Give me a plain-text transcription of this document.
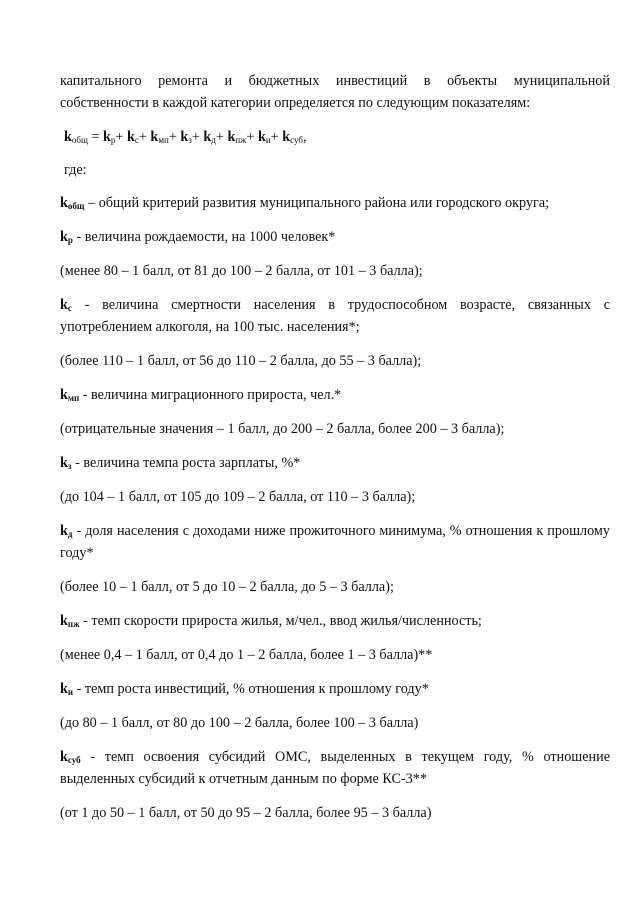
капитального ремонта и бюджетных инвестиций в объекты муниципальной собственности в каждой категории определяется по следующим показателям:

$k_{общ} = k_р+ k_с+ k_{мп}+ k_з+ k_д+ k_{пж}+ k_и+ k_{суб}$,

где:

$k_{общ}$ – общий критерий развития муниципального района или городского округа;

$k_р$ - величина рождаемости, на 1000 человек*

(менее 80 – 1 балл, от 81 до 100 – 2 балла, от 101 – 3 балла);

$k_с$ - величина смертности населения в трудоспособном возрасте, связанных с употреблением алкоголя, на 100 тыс. населения*;

(более 110 – 1 балл, от 56 до 110 – 2 балла, до 55 – 3 балла);

$k_{мп}$ - величина миграционного прироста, чел.*

(отрицательные значения – 1 балл, до 200 – 2 балла, более 200 – 3 балла);

$k_з$ - величина темпа роста зарплаты, %*

(до 104 – 1 балл, от 105 до 109 – 2 балла, от 110 – 3 балла);

$k_д$ - доля населения с доходами ниже прожиточного минимума, % отношения к прошлому году*

(более 10 – 1 балл, от 5 до 10 – 2 балла, до 5 – 3 балла);

$k_{пж}$ - темп скорости прироста жилья, м/чел., ввод жилья/численность;

(менее 0,4 – 1 балл, от 0,4 до 1 – 2 балла, более 1 – 3 балла)**

$k_и$ - темп роста инвестиций, % отношения к прошлому году*

(до 80 – 1 балл, от 80 до 100 – 2 балла, более 100 – 3 балла)

$k_{суб}$ - темп освоения субсидий ОМС, выделенных в текущем году, % отношение выделенных субсидий к отчетным данным по форме КС-3**

(от 1 до 50 – 1 балл, от 50 до 95 – 2 балла, более 95 – 3 балла)
